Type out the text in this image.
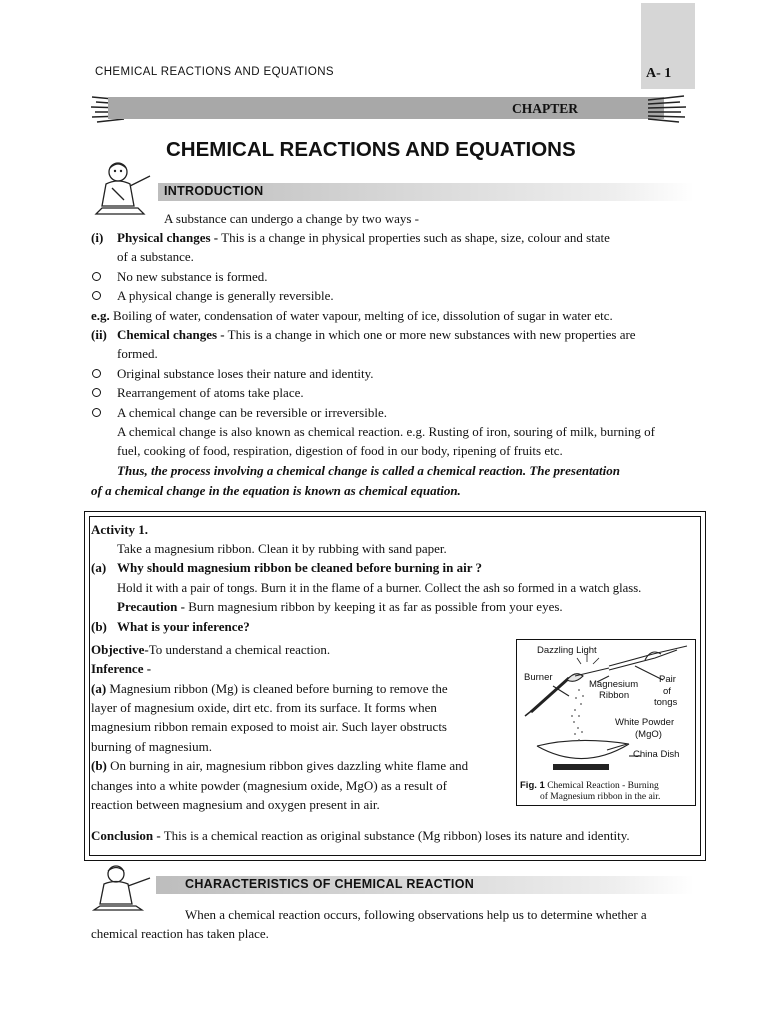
CHEMICAL REACTIONS AND EQUATIONS	A- 1
CHAPTER
CHEMICAL REACTIONS AND EQUATIONS
INTRODUCTION
A substance can undergo a change by two ways -
(i) Physical changes - This is a change in physical properties such as shape, size, colour and state
of a substance.
No new substance is formed.
A physical change is generally reversible.
e.g. Boiling of water, condensation of water vapour, melting of ice, dissolution of sugar in water etc.
(ii) Chemical changes - This is a change in which one or more new substances with new properties are
formed.
Original substance loses their nature and identity.
Rearrangement of atoms take place.
A chemical change can be reversible or irreversible.
A chemical change is also known as chemical reaction. e.g. Rusting of iron, souring of milk, burning of
fuel, cooking of food, respiration, digestion of food in our body, ripening of fruits etc.
Thus, the process involving a chemical change is called a chemical reaction. The presentation
of a chemical change in the equation is known as chemical equation.
Activity 1.
Take a magnesium ribbon. Clean it by rubbing with sand paper.
(a) Why should magnesium ribbon be cleaned before burning in air ?
Hold it with a pair of tongs. Burn it in the flame of a burner. Collect the ash so formed in a watch glass.
Precaution - Burn magnesium ribbon by keeping it as far as possible from your eyes.
(b) What is your inference?
Objective-To understand a chemical reaction.
Inference -
(a) Magnesium ribbon (Mg) is cleaned before burning to remove the
layer of magnesium oxide, dirt etc. from its surface. It forms when
magnesium ribbon remain exposed to moist air. Such layer obstructs
burning of magnesium.
(b) On burning in air, magnesium ribbon gives dazzling white flame and
changes into a white powder (magnesium oxide, MgO) as a result of
reaction between magnesium and oxygen present in air.
Conclusion - This is a chemical reaction as original substance (Mg ribbon) loses its nature and identity.
Dazzling Light
Burner
Magnesium
Ribbon
Pair
of
tongs
White Powder
(MgO)
China Dish
Fig. 1 Chemical Reaction - Burning
of Magnesium ribbon in the air.
CHARACTERISTICS OF CHEMICAL REACTION
When a chemical reaction occurs, following observations help us to determine whether a
chemical reaction has taken place.
